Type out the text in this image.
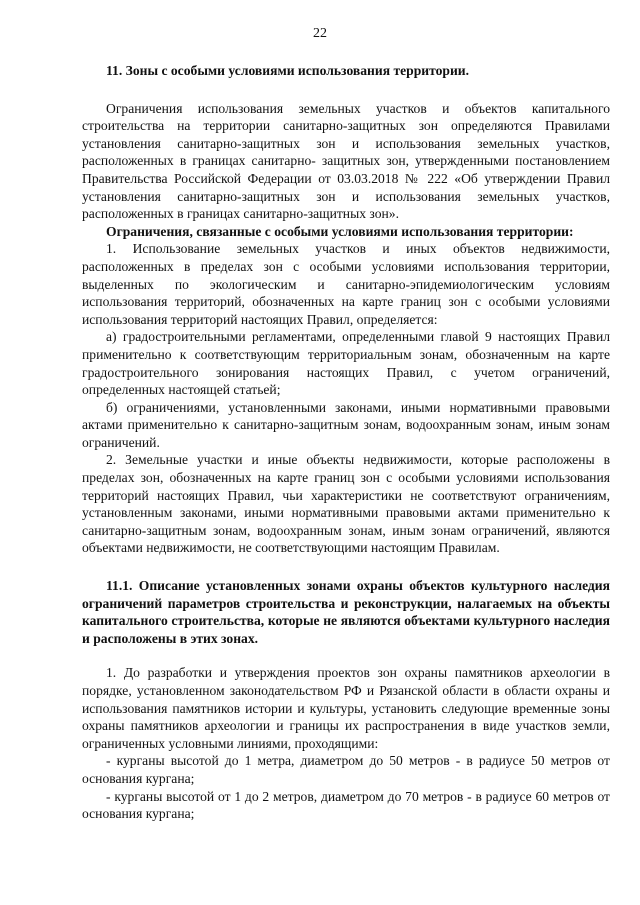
22

11. Зоны с особыми условиями использования территории.

Ограничения использования земельных участков и объектов капитального строительства на территории санитарно-защитных зон определяются Правилами установления санитарно-защитных зон и использования земельных участков, расположенных в границах санитарно- защитных зон, утвержденными постановлением Правительства Российской Федерации от 03.03.2018 № 222 «Об утверждении Правил установления санитарно-защитных зон и использования земельных участков, расположенных в границах санитарно-защитных зон».

Ограничения, связанные с особыми условиями использования территории:

1. Использование земельных участков и иных объектов недвижимости, расположенных в пределах зон с особыми условиями использования территории, выделенных по экологическим и санитарно-эпидемиологическим условиям использования территорий, обозначенных на карте границ зон с особыми условиями использования территорий настоящих Правил, определяется:

а) градостроительными регламентами, определенными главой 9 настоящих Правил применительно к соответствующим территориальным зонам, обозначенным на карте градостроительного зонирования настоящих Правил, с учетом ограничений, определенных настоящей статьей;

б) ограничениями, установленными законами, иными нормативными правовыми актами применительно к санитарно-защитным зонам, водоохранным зонам, иным зонам ограничений.

2. Земельные участки и иные объекты недвижимости, которые расположены в пределах зон, обозначенных на карте границ зон с особыми условиями использования территорий настоящих Правил, чьи характеристики не соответствуют ограничениям, установленным законами, иными нормативными правовыми актами применительно к санитарно-защитным зонам, водоохранным зонам, иным зонам ограничений, являются объектами недвижимости, не соответствующими настоящим Правилам.

11.1. Описание установленных зонами охраны объектов культурного наследия ограничений параметров строительства и реконструкции, налагаемых на объекты капитального строительства, которые не являются объектами культурного наследия и расположены в этих зонах.

1. До разработки и утверждения проектов зон охраны памятников археологии в порядке, установленном законодательством РФ и Рязанской области в области охраны и использования памятников истории и культуры, установить следующие временные зоны охраны памятников археологии и границы их распространения в виде участков земли, ограниченных условными линиями, проходящими:

- курганы высотой до 1 метра, диаметром до 50 метров - в радиусе 50 метров от основания кургана;

- курганы высотой от 1 до 2 метров, диаметром до 70 метров - в радиусе 60 метров от основания кургана;
